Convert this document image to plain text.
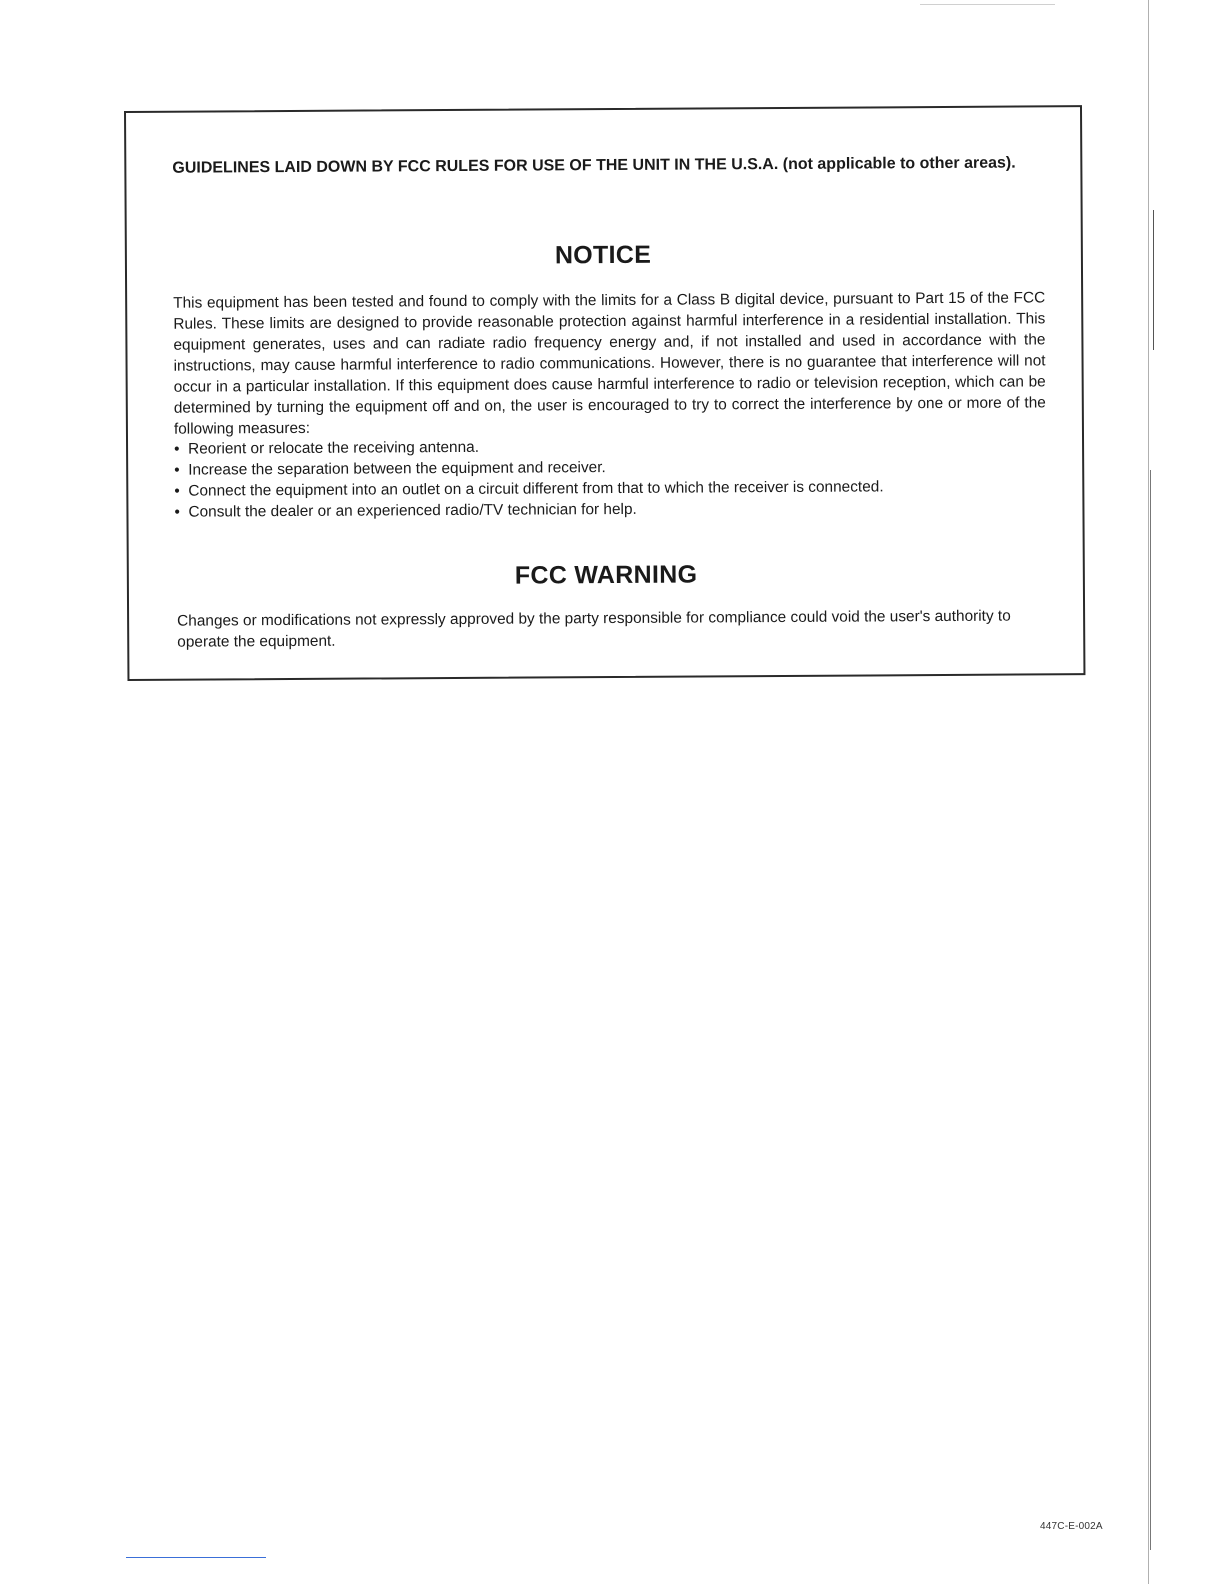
GUIDELINES LAID DOWN BY FCC RULES FOR USE OF THE UNIT IN THE U.S.A. (not applicable to other areas).

NOTICE

This equipment has been tested and found to comply with the limits for a Class B digital device, pursuant to Part 15 of the FCC Rules. These limits are designed to provide reasonable protection against harmful interference in a residential installation. This equipment generates, uses and can radiate radio frequency energy and, if not installed and used in accordance with the instructions, may cause harmful interference to radio communications. However, there is no guarantee that interference will not occur in a particular installation. If this equipment does cause harmful interference to radio or television reception, which can be determined by turning the equipment off and on, the user is encouraged to try to correct the interference by one or more of the following measures:

• Reorient or relocate the receiving antenna.
• Increase the separation between the equipment and receiver.
• Connect the equipment into an outlet on a circuit different from that to which the receiver is connected.
• Consult the dealer or an experienced radio/TV technician for help.
FCC WARNING

Changes or modifications not expressly approved by the party responsible for compliance could void the user's authority to operate the equipment.

447C-E-002A
